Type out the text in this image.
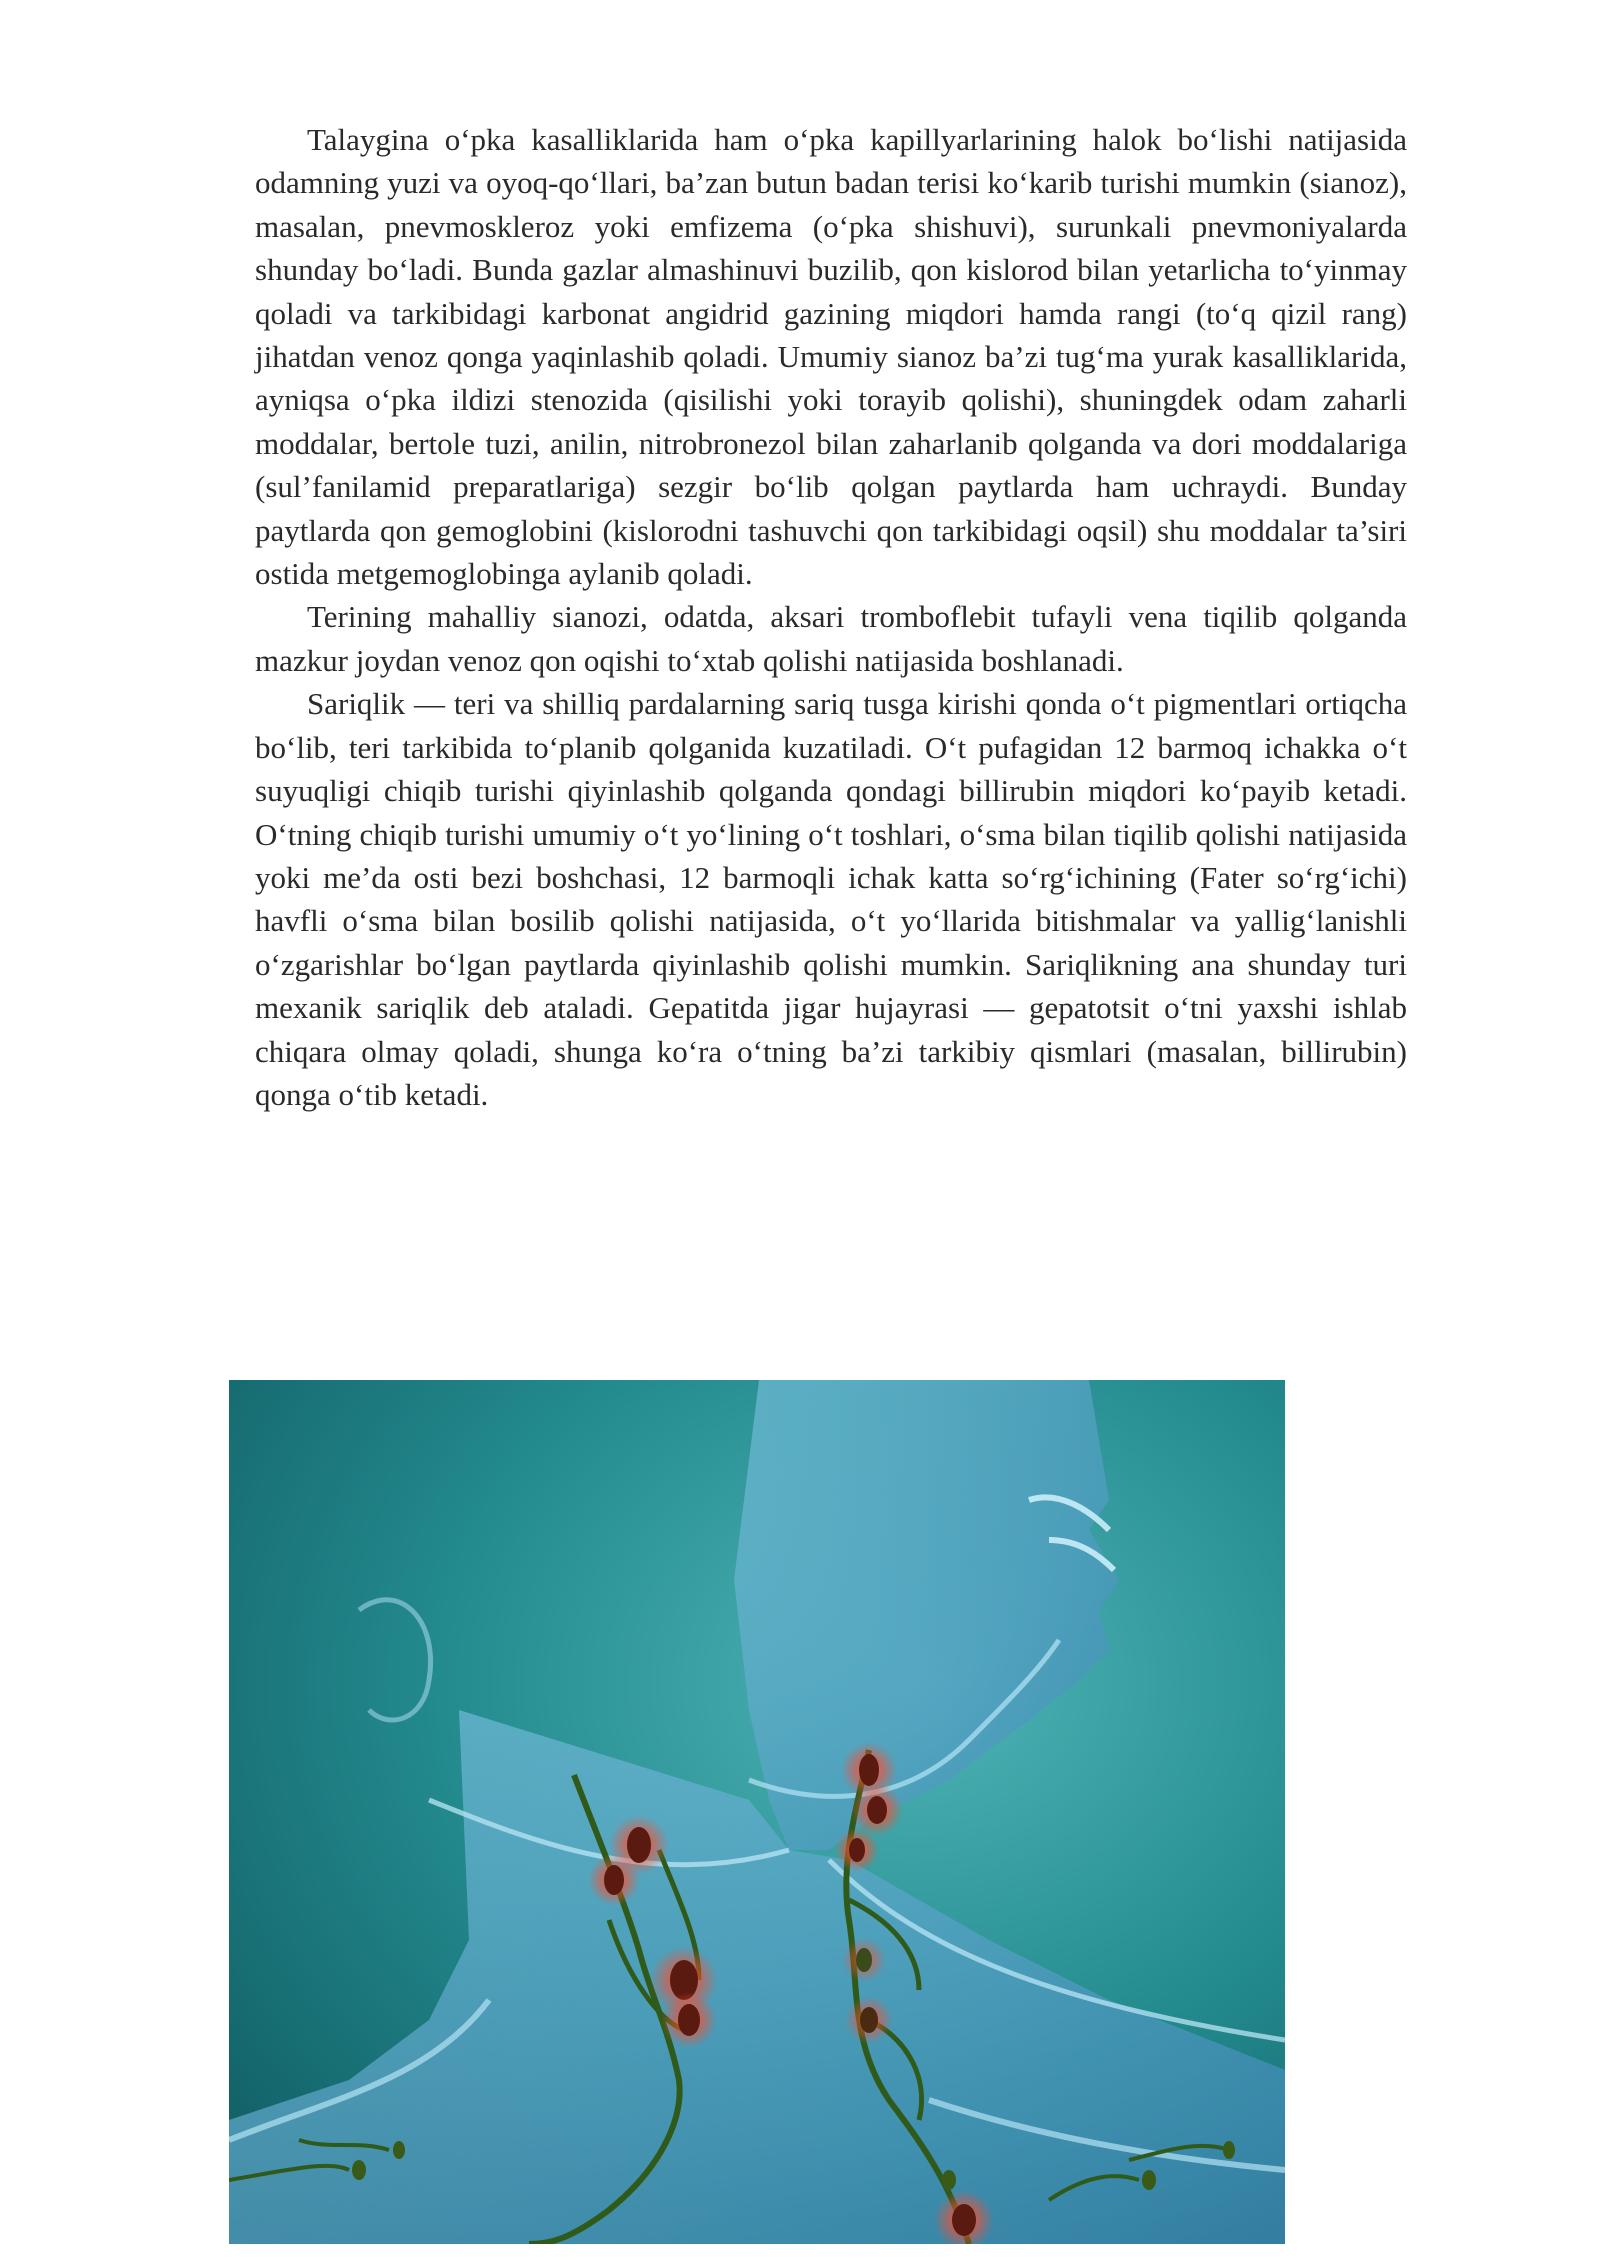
Talaygina o‘pka kasalliklarida ham o‘pka kapillyarlarining halok bo‘lishi natijasida odamning yuzi va oyoq-qo‘llari, ba’zan butun badan terisi ko‘karib turishi mumkin (sianoz), masalan, pnevmoskleroz yoki emfizema (o‘pka shishuvi), surunkali pnevmoniyalarda shunday bo‘ladi. Bunda gazlar almashinuvi buzilib, qon kislorod bilan yetarlicha to‘yinmay qoladi va tarkibidagi karbonat angidrid gazining miqdori hamda rangi (to‘q qizil rang) jihatdan venoz qonga yaqinlashib qoladi. Umumiy sianoz ba’zi tug‘ma yurak kasalliklarida, ayniqsa o‘pka ildizi stenozida (qisilishi yoki torayib qolishi), shuningdek odam zaharli moddalar, bertole tuzi, anilin, nitrobronezol bilan zaharlanib qolganda va dori moddalariga (sul’fanilamid preparatlariga) sezgir bo‘lib qolgan paytlarda ham uchraydi. Bunday paytlarda qon gemoglobini (kislorodni tashuvchi qon tarkibidagi oqsil) shu moddalar ta’siri ostida metgemoglobinga aylanib qoladi.

Terining mahalliy sianozi, odatda, aksari tromboflebit tufayli vena tiqilib qolganda mazkur joydan venoz qon oqishi to‘xtab qolishi natijasida boshlanadi.

Sariqlik — teri va shilliq pardalarning sariq tusga kirishi qonda o‘t pigmentlari ortiqcha bo‘lib, teri tarkibida to‘planib qolganida kuzatiladi. O‘t pufagidan 12 barmoq ichakka o‘t suyuqligi chiqib turishi qiyinlashib qolganda qondagi billirubin miqdori ko‘payib ketadi. O‘tning chiqib turishi umumiy o‘t yo‘lining o‘t toshlari, o‘sma bilan tiqilib qolishi natijasida yoki me’da osti bezi boshchasi, 12 barmoqli ichak katta so‘rg‘ichining (Fater so‘rg‘ichi) havfli o‘sma bilan bosilib qolishi natijasida, o‘t yo‘llarida bitishmalar va yallig‘lanishli o‘zgarishlar bo‘lgan paytlarda qiyinlashib qolishi mumkin. Sariqlikning ana shunday turi mexanik sariqlik deb ataladi. Gepatitda jigar hujayrasi — gepatotsit o‘tni yaxshi ishlab chiqara olmay qoladi, shunga ko‘ra o‘tning ba’zi tarkibiy qismlari (masalan, billirubin) qonga o‘tib ketadi.
